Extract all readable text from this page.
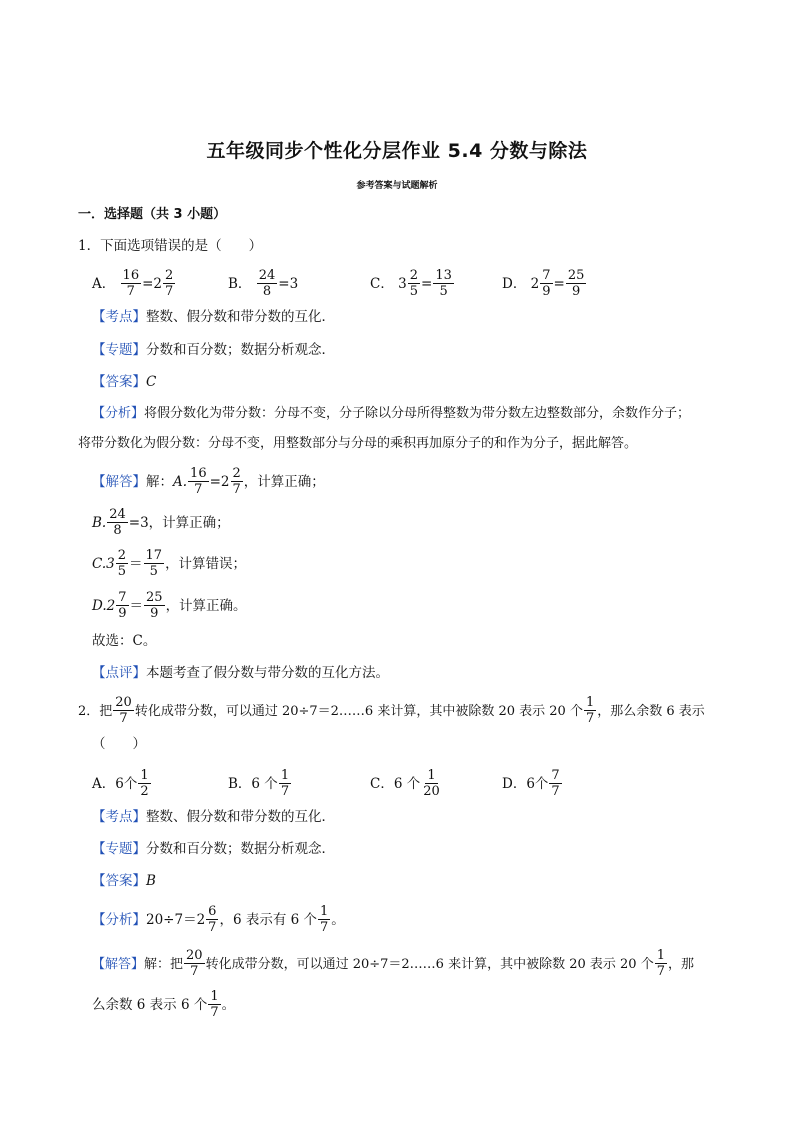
五年级同步个性化分层作业 5.4 分数与除法
参考答案与试题解析
一．选择题（共 3 小题）
1．下面选项错误的是（　　）
A． $\frac{16}{7} =2 \frac{2}{7}$	B． $\frac{24}{8} =3$	C． $3 \frac{2}{5} = \frac{13}{5}$	D． $2 \frac{7}{9} = \frac{25}{9}$
【考点】整数、假分数和带分数的互化．
【专题】分数和百分数；数据分析观念．
【答案】C
【分析】将假分数化为带分数：分母不变，分子除以分母所得整数为带分数左边整数部分，余数作分子；
将带分数化为假分数：分母不变，用整数部分与分母的乘积再加原分子的和作为分子，据此解答。
【解答】解：A. $\frac{16}{7} =2 \frac{2}{7}$ ，计算正确；
B. $\frac{24}{8} =3$，计算正确；
$C.3 \frac{2}{5} = \frac{17}{5}$ ，计算错误；
$D.2 \frac{7}{9} = \frac{25}{9}$ ，计算正确。
故选：C。
【点评】本题考查了假分数与带分数的互化方法。
2．把 $\frac{20}{7}$ 转化成带分数，可以通过 20÷7＝2……6 来计算，其中被除数 20 表示 20 个 $\frac{1}{7}$ ，那么余数 6 表示
（　　）
A．6个 $\frac{1}{2}$	B．6 个 $\frac{1}{7}$	C．6 个 $\frac{1}{20}$	D．6个 $\frac{7}{7}$
【考点】整数、假分数和带分数的互化．
【专题】分数和百分数；数据分析观念．
【答案】B
【分析】$20\div 7=2 \frac{6}{7}$ ，6 表示有 6 个 $\frac{1}{7}$ 。
【解答】解：把 $\frac{20}{7}$ 转化成带分数，可以通过 20÷7＝2……6 来计算，其中被除数 20 表示 20 个 $\frac{1}{7}$ ，那
么余数 6 表示 6 个 $\frac{1}{7}$ 。
